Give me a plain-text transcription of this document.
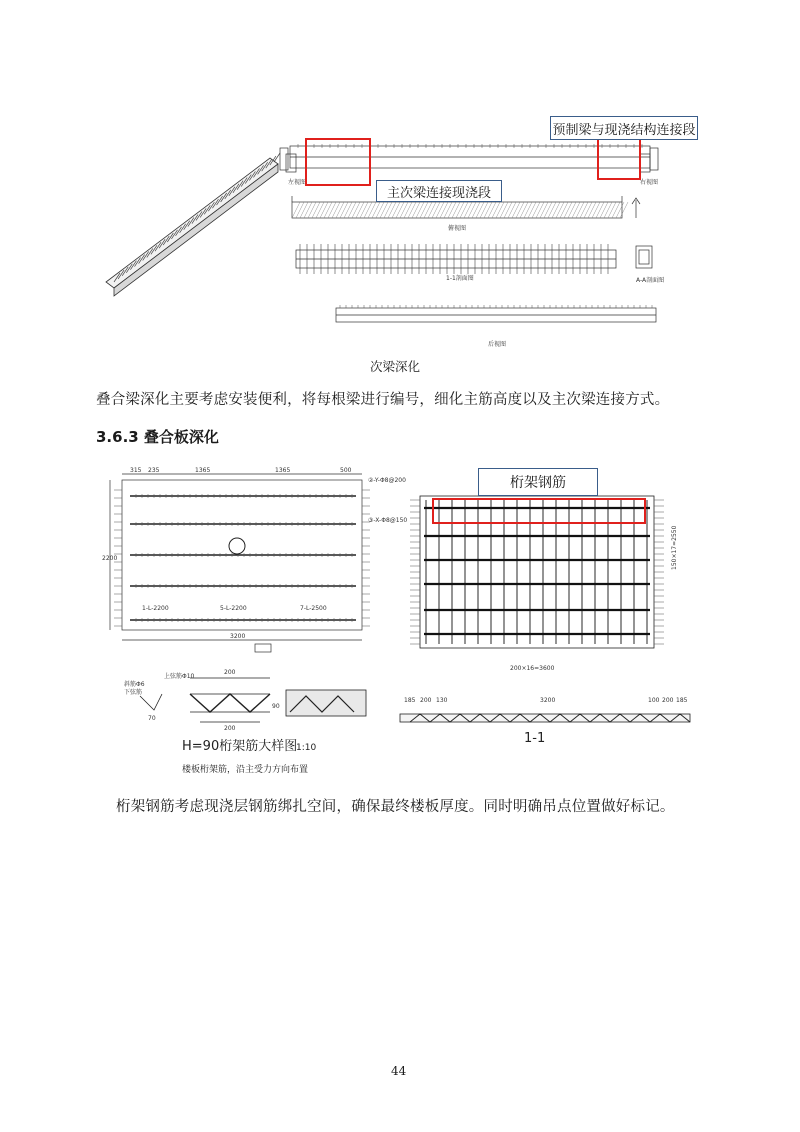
左视图	右视图
俯视图
1-1剖面图	A-A剖面图
后视图
预制梁与现浇结构连接段
主次梁连接现浇段
次梁深化
叠合梁深化主要考虑安装便利，将每根梁进行编号，细化主筋高度以及主次梁连接方式。
3.6.3 叠合板深化
315 235	1365	1365	500
3200
2200
1-L-2200	5-L-2200	7-L-2500
200
200
70
90
上弦筋Φ10
斜筋Φ6
下弦筋
H=90桁架筋大样图
1:10
楼板桁架筋，沿主受力方向布置
②-Y-Φ8@200
③-X-Φ8@150
200×16=3600
150×17=2550
185 200 130	3200	100 200 185
1-1
桁架钢筋
桁架钢筋考虑现浇层钢筋绑扎空间，确保最终楼板厚度。同时明确吊点位置做好标记。
44
